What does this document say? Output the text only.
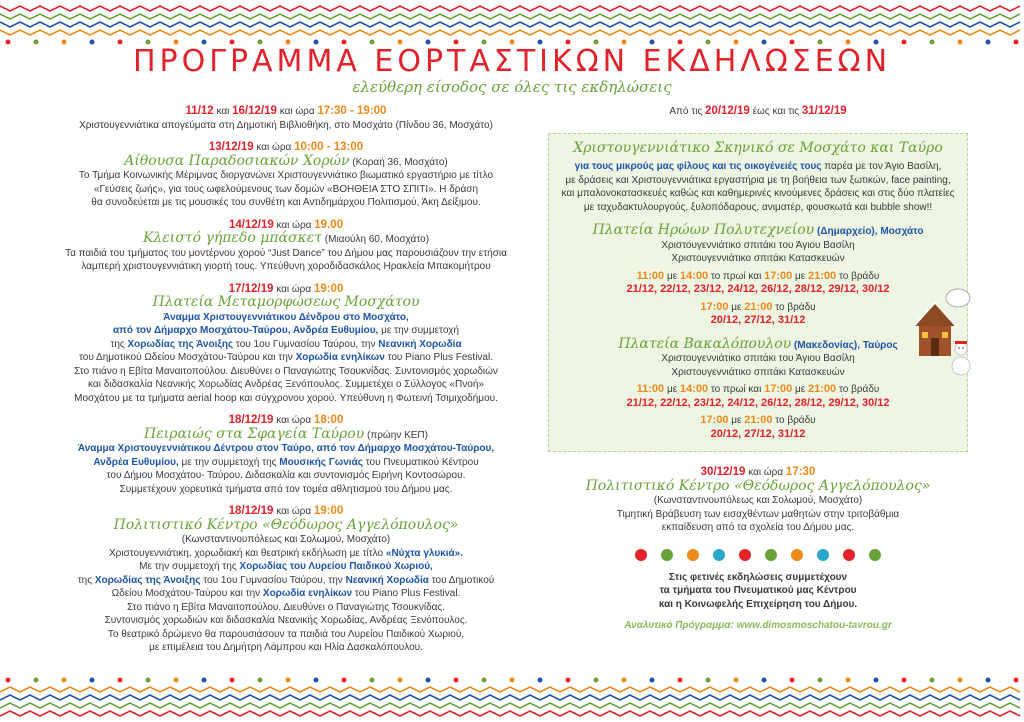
ΠΡΟΓΡΑΜΜΑ ΕΟΡΤΑΣΤΙΚΩΝ ΕΚΔΗΛΩΣΕΩΝ
ελεύθερη είσοδος σε όλες τις εκδηλώσεις

11/12 και 16/12/19 και ώρα 17:30 - 19:00

Χριστουγεννιάτικα απογεύματα στη Δημοτική Βιβλιοθήκη, στο Μοσχάτο (Πίνδου 36, Μοσχάτο)

13/12/19 και ώρα 10:00 - 13:00

Αίθουσα Παραδοσιακών Χορών (Κοραή 36, Μοσχάτο)

Το Τμήμα Κοινωνικής Μέριμνας διοργανώνει Χριστουγεννιάτικο βιωματικό εργαστήριο με τίτλο

«Γεύσεις ζωής», για τους ωφελούμενους των δομών «ΒΟΗΘΕΙΑ ΣΤΟ ΣΠΙΤΙ». Η δράση

θα συνοδεύεται με τις μουσικές του συνθέτη και Αντιδημάρχου Πολιτισμού, Άκη Δείξιμου.

14/12/19 και ώρα 19.00

Κλειστό γήπεδο μπάσκετ (Μιαούλη 60, Μοσχάτο)

Τα παιδιά του τμήματος του μοντέρνου χορού “Just Dance” του Δήμου μας παρουσιάζουν την ετήσια

λαμπερή χριστουγεννιάτικη γιορτή τους. Υπεύθυνη χοροδιδασκάλος Ηρακλεία Μπακομήτρου

17/12/19 και ώρα 19:00

Πλατεία Μεταμορφώσεως Μοσχάτου

Άναμμα Χριστουγεννιάτικου Δένδρου στο Μοσχάτο,

από τον Δήμαρχο Μοσχάτου-Ταύρου, Ανδρέα Ευθυμίου, με την συμμετοχή

της Χορωδίας της Άνοιξης του 1ου Γυμνασίου Ταύρου, την Νεανική Χορωδία

του Δημοτικού Ωδείου Μοσχάτου-Ταύρου και την Χορωδία ενηλίκων του Piano Plus Festival.

Στο πιάνο η Εβίτα Μαναιτοπούλου. Διευθύνει ο Παναγιώτης Τσουκνίδας. Συντονισμός χορωδιών

και διδασκαλία Νεανικής Χορωδίας Ανδρέας Ξενόπουλος. Συμμετέχει ο Σύλλογος «Πνοή»

Μοσχάτου με τα τμήματα aerial hoop και σύγχρονου χορού. Υπεύθυνη η Φωτεινή Τσιμιχοδήμου.

18/12/19 και ώρα 18:00

Πειραιώς στα Σφαγεία Ταύρου (πρώην ΚΕΠ)

Άναμμα Χριστουγεννιάτικου Δέντρου στον Ταύρο, από τον Δήμαρχο Μοσχάτου-Ταύρου,

Ανδρέα Ευθυμίου, με την συμμετοχή της Μουσικής Γωνιάς του Πνευματικού Κέντρου

του Δήμου Μοσχάτου- Ταύρου. Διδασκαλία και συντονισμός Ειρήνη Κοντοσώρου.

Συμμετέχουν χορευτικά τμήματα από τον τομέα αθλητισμού του Δήμου μας.

18/12/19 και ώρα 19:00

Πολιτιστικό Κέντρο «Θεόδωρος Αγγελόπουλος»

(Κωνσταντινουπόλεως και Σολωμού, Μοσχάτο)

Χριστουγεννιάτικη, χορωδιακή και θεατρική εκδήλωση με τίτλο «Νύχτα γλυκιά».

Με την συμμετοχή της Χορωδίας του Λυρείου Παιδικού Χωριού,

της Χορωδίας της Άνοιξης του 1ου Γυμνασίου Ταύρου, την Νεανική Χορωδία του Δημοτικού

Ωδείου Μοσχάτου-Ταύρου και την Χορωδία ενηλίκων του Piano Plus Festival.

Στο πιάνο η Εβίτα Μαναιτοπούλου. Διευθύνει ο Παναγιώτης Τσουκνίδας.

Συντονισμός χορωδιών και διδασκαλία Νεανικής Χορωδίας, Ανδρέας Ξενόπουλος.

Το θεατρικό δρώμενο θα παρουσιάσουν τα παιδιά του Λυρείου Παιδικού Χωριού,

με επιμέλεια του Δημήτρη Λάμπρου και Ηλία Δασκαλόπουλου.

Από τις 20/12/19 έως και τις 31/12/19

Χριστουγεννιάτικο Σκηνικό σε Μοσχάτο και Ταύρο

για τους μικρούς μας φίλους και τις οικογένειές τους παρέα με τον Άγιο Βασίλη,

με δράσεις και Χριστουγεννιάτικα εργαστήρια με τη βοήθεια των ξωτικών, face painting,

και μπαλονοκατασκευές καθώς και καθημερινές κινούμενες δράσεις και στις δύο πλατείες

με ταχυδακτυλουργούς, ξυλοπόδαρους, ανιματέρ, φουσκωτά και bubble show!!

Πλατεία Ηρώων Πολυτεχνείου (Δημαρχείο), Μοσχάτο

Χριστουγεννιάτικο σπιτάκι του Άγιου Βασίλη

Χριστουγεννιάτικο σπιτάκι Κατασκευών

11:00 με 14:00 το πρωί και 17:00 με 21:00 το βράδυ

21/12, 22/12, 23/12, 24/12, 26/12, 28/12, 29/12, 30/12

17:00 με 21:00 το βράδυ

20/12, 27/12, 31/12

Πλατεία Βακαλόπουλου (Μακεδονίας), Ταύρος

Χριστουγεννιάτικο σπιτάκι του Άγιου Βασίλη

Χριστουγεννιάτικο σπιτάκι Κατασκευών

11:00 με 14:00 το πρωί και 17:00 με 21:00 το βράδυ

21/12, 22/12, 23/12, 24/12, 26/12, 28/12, 29/12, 30/12

17:00 με 21:00 το βράδυ

20/12, 27/12, 31/12

30/12/19 και ώρα 17:30

Πολιτιστικό Κέντρο «Θεόδωρος Αγγελόπουλος»

(Κωνσταντινουπόλεως και Σολωμού, Μοσχάτο)

Τιμητική Βράβευση των εισαχθέντων μαθητών στην τριτοβάθμια

εκπαίδευση από τα σχολεία του Δήμου μας.

Στις φετινές εκδηλώσεις συμμετέχουν

τα τμήματα του Πνευματικού μας Κέντρου

και η Κοινωφελής Επιχείρηση του Δήμου.

Αναλυτικό Πρόγραμμα: www.dimosmoschatou-tavrou.gr
